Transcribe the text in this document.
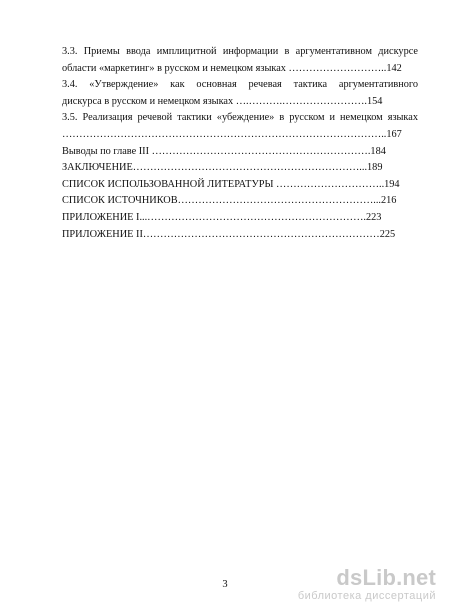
3.3. Приемы ввода имплицитной информации в аргументативном дискурсе
области «маркетинг» в русском и немецком языках ………………………..142
3.4. «Утверждение» как основная речевая тактика аргументативного
дискурса в русском и немецком языках ….……….…………………….154
3.5. Реализация речевой тактики «убеждение» в русском и немецком языках
…………………………………………………………………………………..167
Выводы по главе III ……………………………………………………….184
ЗАКЛЮЧЕНИЕ…………………………………………………………...189
СПИСОК ИСПОЛЬЗОВАННОЙ ЛИТЕРАТУРЫ …………………………..194
СПИСОК ИСТОЧНИКОВ…………………………………………………...216
ПРИЛОЖЕНИЕ I...……………………………………………………….223
ПРИЛОЖЕНИЕ II……………………………………………………………225
3	dsLib.net
библиотека диссертаций
